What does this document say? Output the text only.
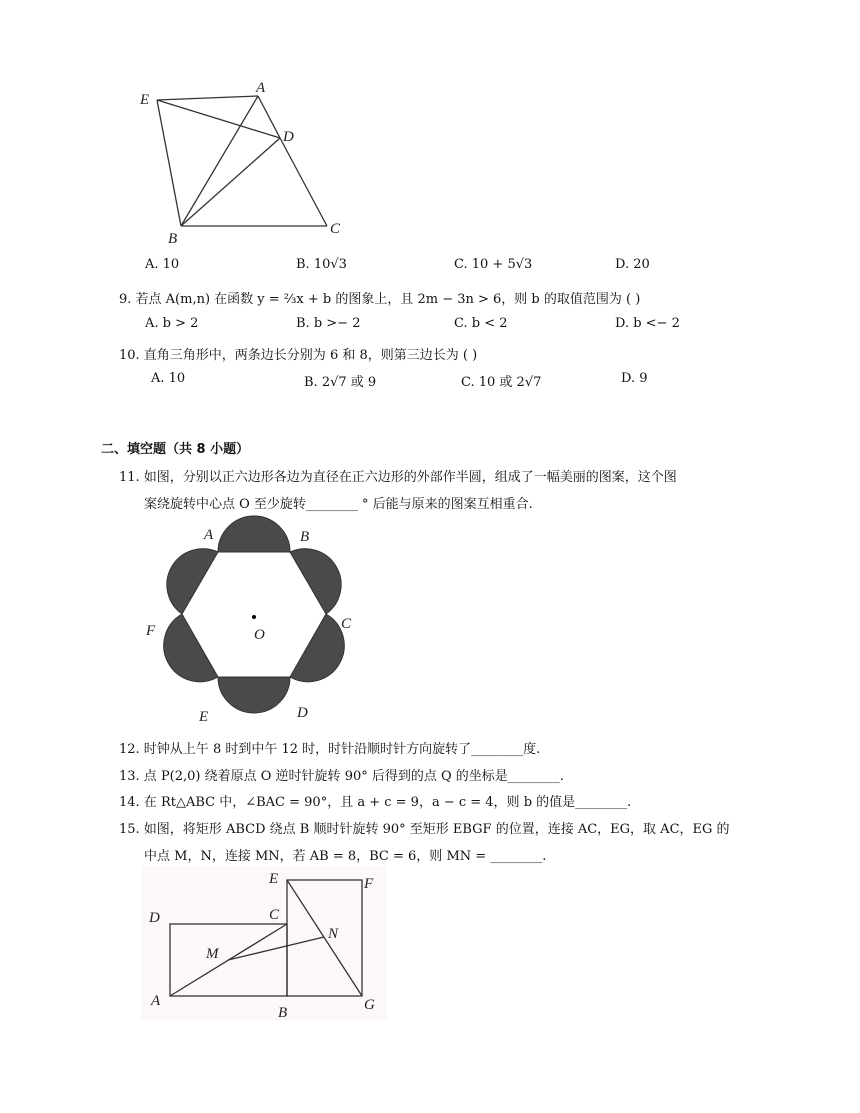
E
A
D
B
C
A. 10	B. 10√3	C. 10 + 5√3	D. 20
9. 若点 A(m,n) 在函数 y = ⅔x + b 的图象上，且 2m − 3n > 6，则 b 的取值范围为 ( )
A. b > 2	B. b >− 2	C. b < 2	D. b <− 2
10. 直角三角形中，两条边长分别为 6 和 8，则第三边长为 ( )
A. 10	B. 2√7 或 9	C. 10 或 2√7	D. 9
二、填空题（共 8 小题）
11. 如图，分别以正六边形各边为直径在正六边形的外部作半圆，组成了一幅美丽的图案，这个图
案绕旋转中心点 O 至少旋转________ ° 后能与原来的图案互相重合.
A	B
C
D
E
F	O
12. 时钟从上午 8 时到中午 12 时，时针沿顺时针方向旋转了________度.
13. 点 P(2,0) 绕着原点 O 逆时针旋转 90° 后得到的点 Q 的坐标是________.
14. 在 Rt△ABC 中，∠BAC = 90°，且 a + c = 9，a − c = 4，则 b 的值是________.
15. 如图，将矩形 ABCD 绕点 B 顺时针旋转 90° 至矩形 EBGF 的位置，连接 AC，EG，取 AC，EG 的
中点 M，N，连接 MN，若 AB = 8，BC = 6，则 MN = ________.
E	F
D	C
N
M
A
B	G
